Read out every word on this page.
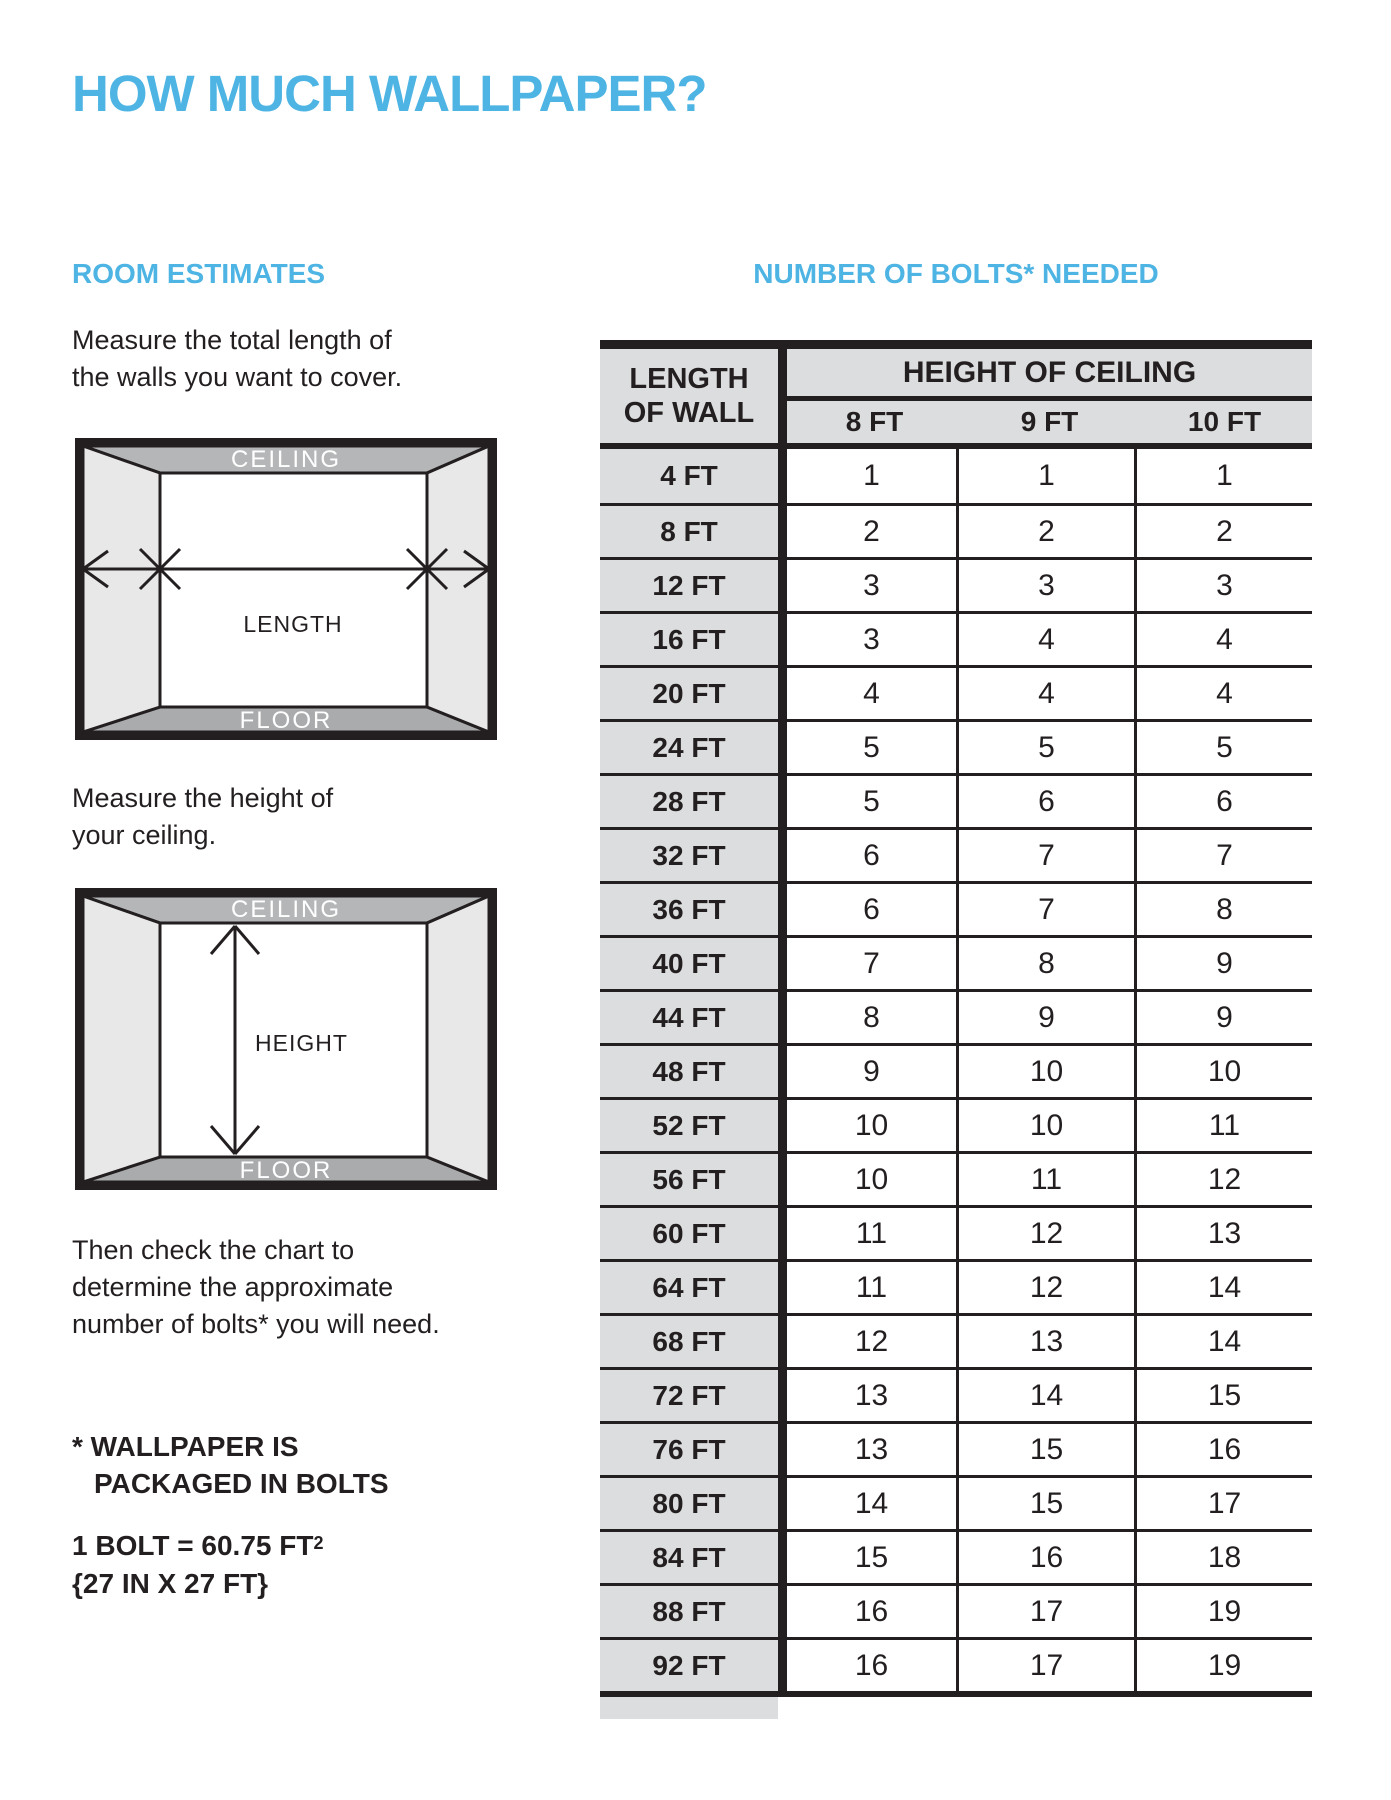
HOW MUCH WALLPAPER?
ROOM ESTIMATES
Measure the total length of
the walls you want to cover.
CEILING
LENGTH
FLOOR
Measure the height of
your ceiling.
CEILING
HEIGHT
FLOOR
Then check the chart to
determine the approximate
number of bolts* you will need.
* WALLPAPER IS
PACKAGED IN BOLTS
1 BOLT = 60.75 $FT^2$
{27 IN X 27 FT}
NUMBER OF BOLTS* NEEDED
LENGTH
OF WALL
HEIGHT OF CEILING
8 FT	9 FT	10 FT
4 FT	1	1	1
8 FT	2	2	2
12 FT	3	3	3
16 FT	3	4	4
20 FT	4	4	4
24 FT	5	5	5
28 FT	5	6	6
32 FT	6	7	7
36 FT	6	7	8
40 FT	7	8	9
44 FT	8	9	9
48 FT	9	10	10
52 FT	10	10	11
56 FT	10	11	12
60 FT	11	12	13
64 FT	11	12	14
68 FT	12	13	14
72 FT	13	14	15
76 FT	13	15	16
80 FT	14	15	17
84 FT	15	16	18
88 FT	16	17	19
92 FT	16	17	19
